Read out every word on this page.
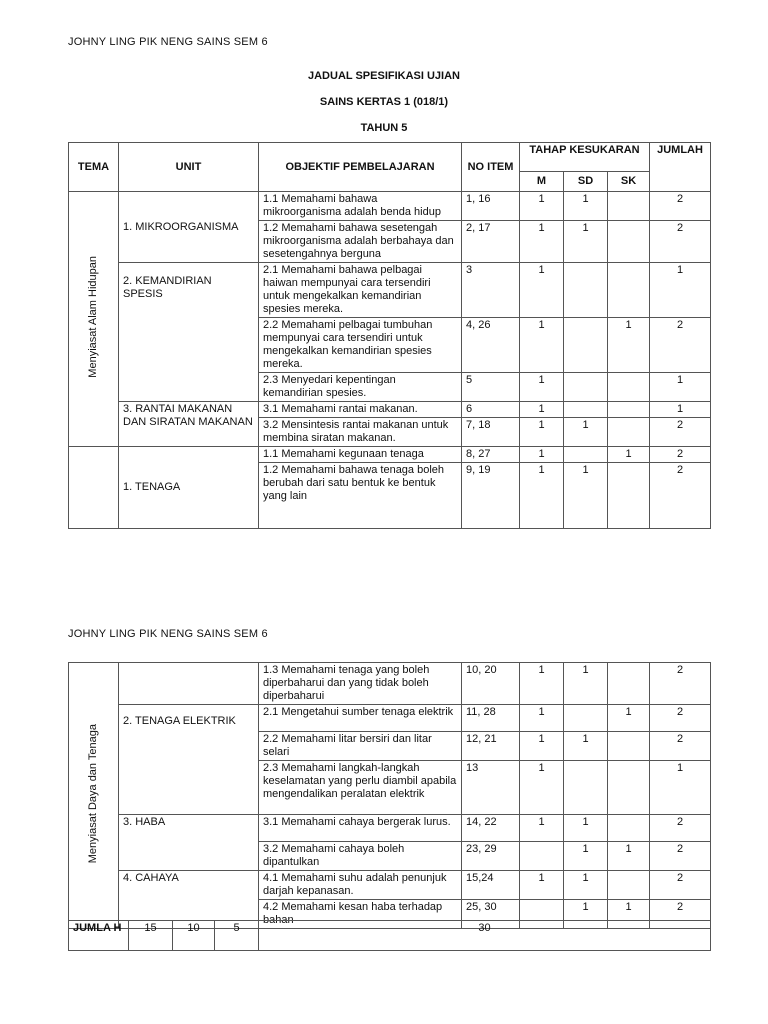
JOHNY LING PIK NENG SAINS SEM 6
JADUAL SPESIFIKASI UJIAN
SAINS KERTAS 1 (018/1)
TAHUN 5
TEMA	UNIT	OBJEKTIF PEMBELAJARAN	NO ITEM	TAHAP KESUKARAN			JUMLAH
				M	SD	SK	
Menyiasat Alam Hidupan	1. MIKROORGANISMA	1.1 Memahami bahawa mikroorganisma adalah benda hidup	1, 16	1	1		2
		1.2 Memahami bahawa sesetengah mikroorganisma adalah berbahaya dan sesetengahnya berguna	2, 17	1	1		2
	2. KEMANDIRIAN SPESIS	2.1 Memahami bahawa pelbagai haiwan mempunyai cara tersendiri untuk mengekalkan kemandirian spesies mereka.	3	1			1
		2.2 Memahami pelbagai tumbuhan mempunyai cara tersendiri untuk mengekalkan kemandirian spesies mereka.	4, 26	1		1	2
		2.3 Menyedari kepentingan kemandirian spesies.	5	1			1
	3. RANTAI MAKANAN DAN SIRATAN MAKANAN	3.1 Memahami rantai makanan.	6	1			1
		3.2 Mensintesis rantai makanan untuk membina siratan makanan.	7, 18	1	1		2
	1. TENAGA	1.1 Memahami kegunaan tenaga	8, 27	1		1	2
		1.2 Memahami bahawa tenaga boleh berubah dari satu bentuk ke bentuk yang lain	9, 19	1	1		2
JOHNY LING PIK NENG SAINS SEM 6
Menyiasat Daya dan Tenaga		1.3 Memahami tenaga yang boleh diperbaharui dan yang tidak boleh diperbaharui	10, 20	1	1		2
	2. TENAGA ELEKTRIK	2.1 Mengetahui sumber tenaga elektrik	11, 28	1		1	2
		2.2 Memahami litar bersiri dan litar selari	12, 21	1	1		2
		2.3 Memahami langkah-langkah keselamatan yang perlu diambil apabila mengendalikan peralatan elektrik	13	1			1
	3. HABA	3.1 Memahami cahaya bergerak lurus.	14, 22	1	1		2
		3.2 Memahami cahaya boleh dipantulkan	23, 29		1	1	2
	4. CAHAYA	4.1 Memahami suhu adalah penunjuk darjah kepanasan.	15,24	1	1		2
		4.2 Memahami kesan haba terhadap bahan	25, 30		1	1	2
JUMLA H	15	10	5	30
